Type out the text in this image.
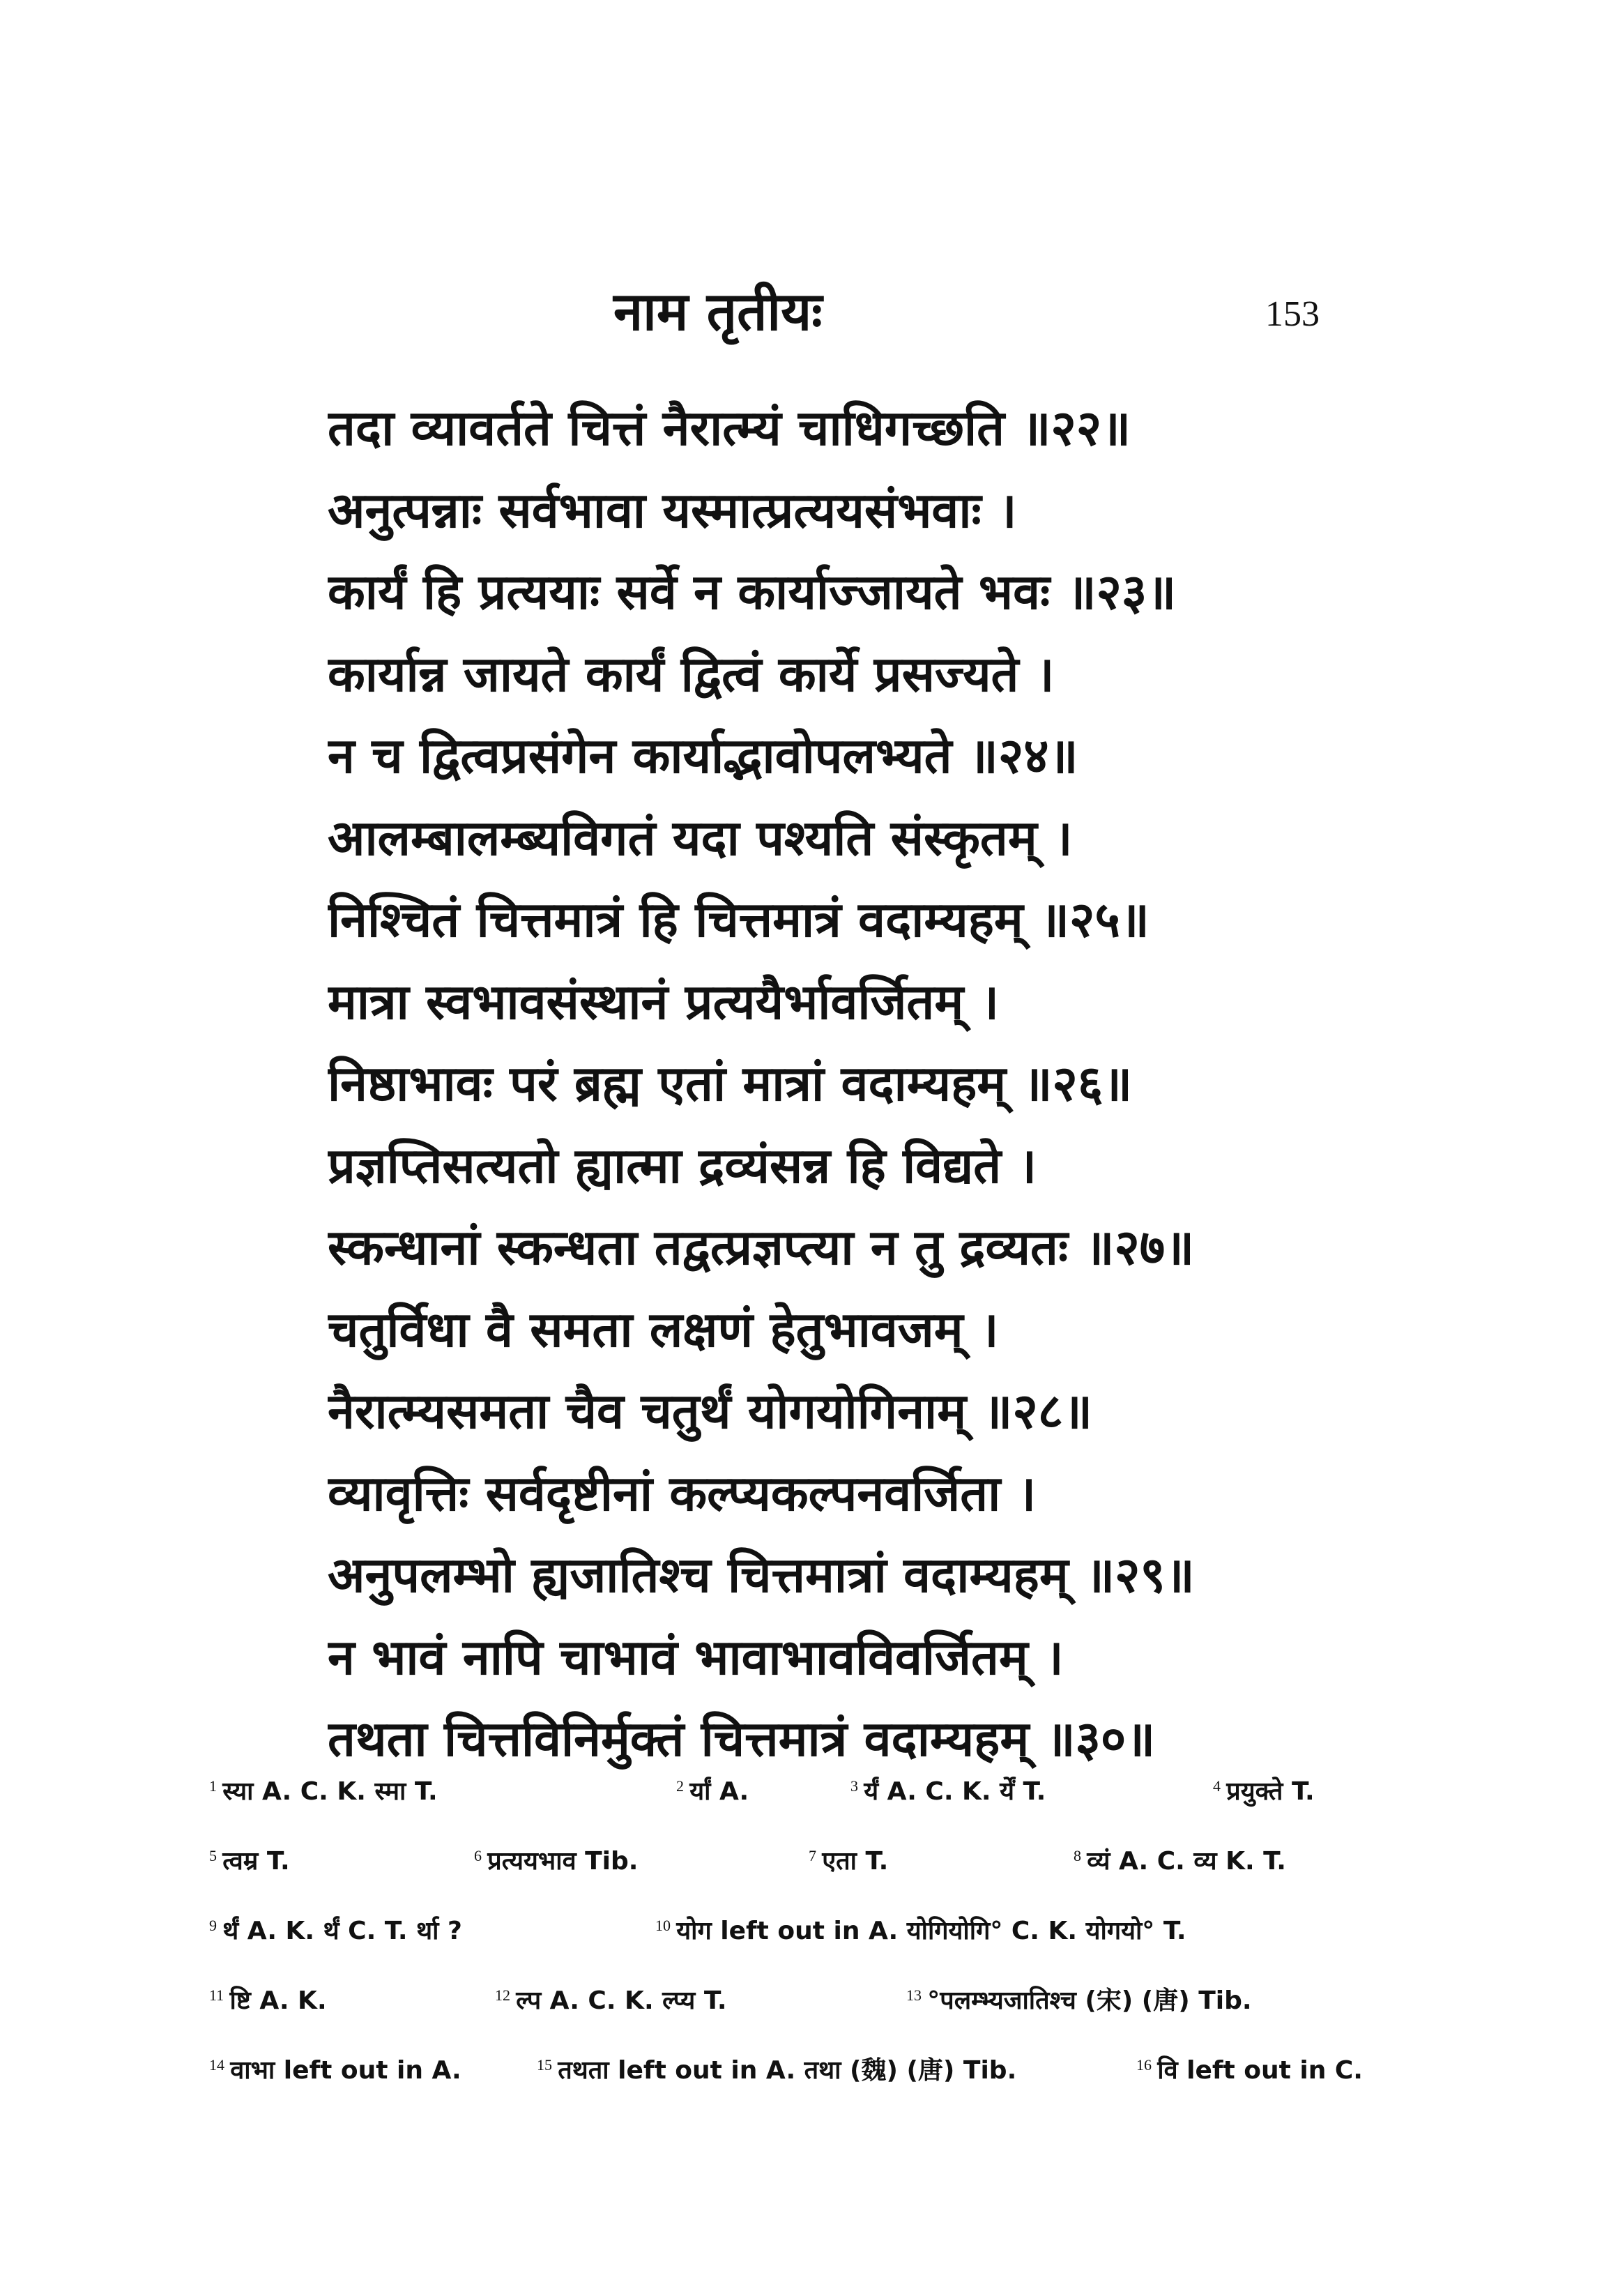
नाम तृतीयः	153
तदा व्यावर्तते चित्तं नैरात्म्यं चाधिगच्छति ॥२२॥
अनुत्पन्नाः सर्वभावा यस्मात्प्रत्ययसंभवाः ।
कार्यं हि प्रत्ययाः सर्वे न कार्याज्जायते भवः ॥२३॥
कार्यान्न जायते कार्यं द्वित्वं कार्ये प्रसज्यते ।
न च द्वित्वप्रसंगेन कार्याद्भावोपलभ्यते ॥२४॥
आलम्बालम्ब्यविगतं यदा पश्यति संस्कृतम् ।
निश्चितं चित्तमात्रं हि चित्तमात्रं वदाम्यहम् ॥२५॥
मात्रा स्वभावसंस्थानं प्रत्ययैर्भावर्जितम् ।
निष्ठाभावः परं ब्रह्म एतां मात्रां वदाम्यहम् ॥२६॥
प्रज्ञप्तिसत्यतो ह्यात्मा द्रव्यंसन्न हि विद्यते ।
स्कन्धानां स्कन्धता तद्वत्प्रज्ञप्त्या न तु द्रव्यतः ॥२७॥
चतुर्विधा वै समता लक्षणं हेतुभावजम् ।
नैरात्म्यसमता चैव चतुर्थं योगयोगिनाम् ॥२८॥
व्यावृत्तिः सर्वदृष्टीनां कल्प्यकल्पनवर्जिता ।
अनुपलम्भो ह्यजातिश्च चित्तमात्रां वदाम्यहम् ॥२९॥
न भावं नापि चाभावं भावाभावविवर्जितम् ।
तथता चित्तविनिर्मुक्तं चित्तमात्रं वदाम्यहम् ॥३०॥
$^1$ स्या A. C. K. स्मा T.	$^2$ र्यां A.	$^3$ र्यं A. C. K. र्यें T.	$^4$ प्रयुक्ते T.
$^5$ त्वम्र T.	$^6$ प्रत्ययभाव Tib.	$^7$ एता T.	$^8$ व्यं A. C. व्य K. T.
$^9$ र्थं A. K. र्थं C. T. र्था ?	$^{10}$ योग left out in A. योगियोगि° C. K. योगयो° T.
$^{11}$ ष्टि A. K.	$^{12}$ ल्प A. C. K. ल्प्य T.	$^{13}$ °पलम्भ्यजातिश्च (宋) (唐) Tib.
$^{14}$ वाभा left out in A.	$^{15}$ तथता left out in A. तथा (魏) (唐) Tib.	$^{16}$ वि left out in C.
